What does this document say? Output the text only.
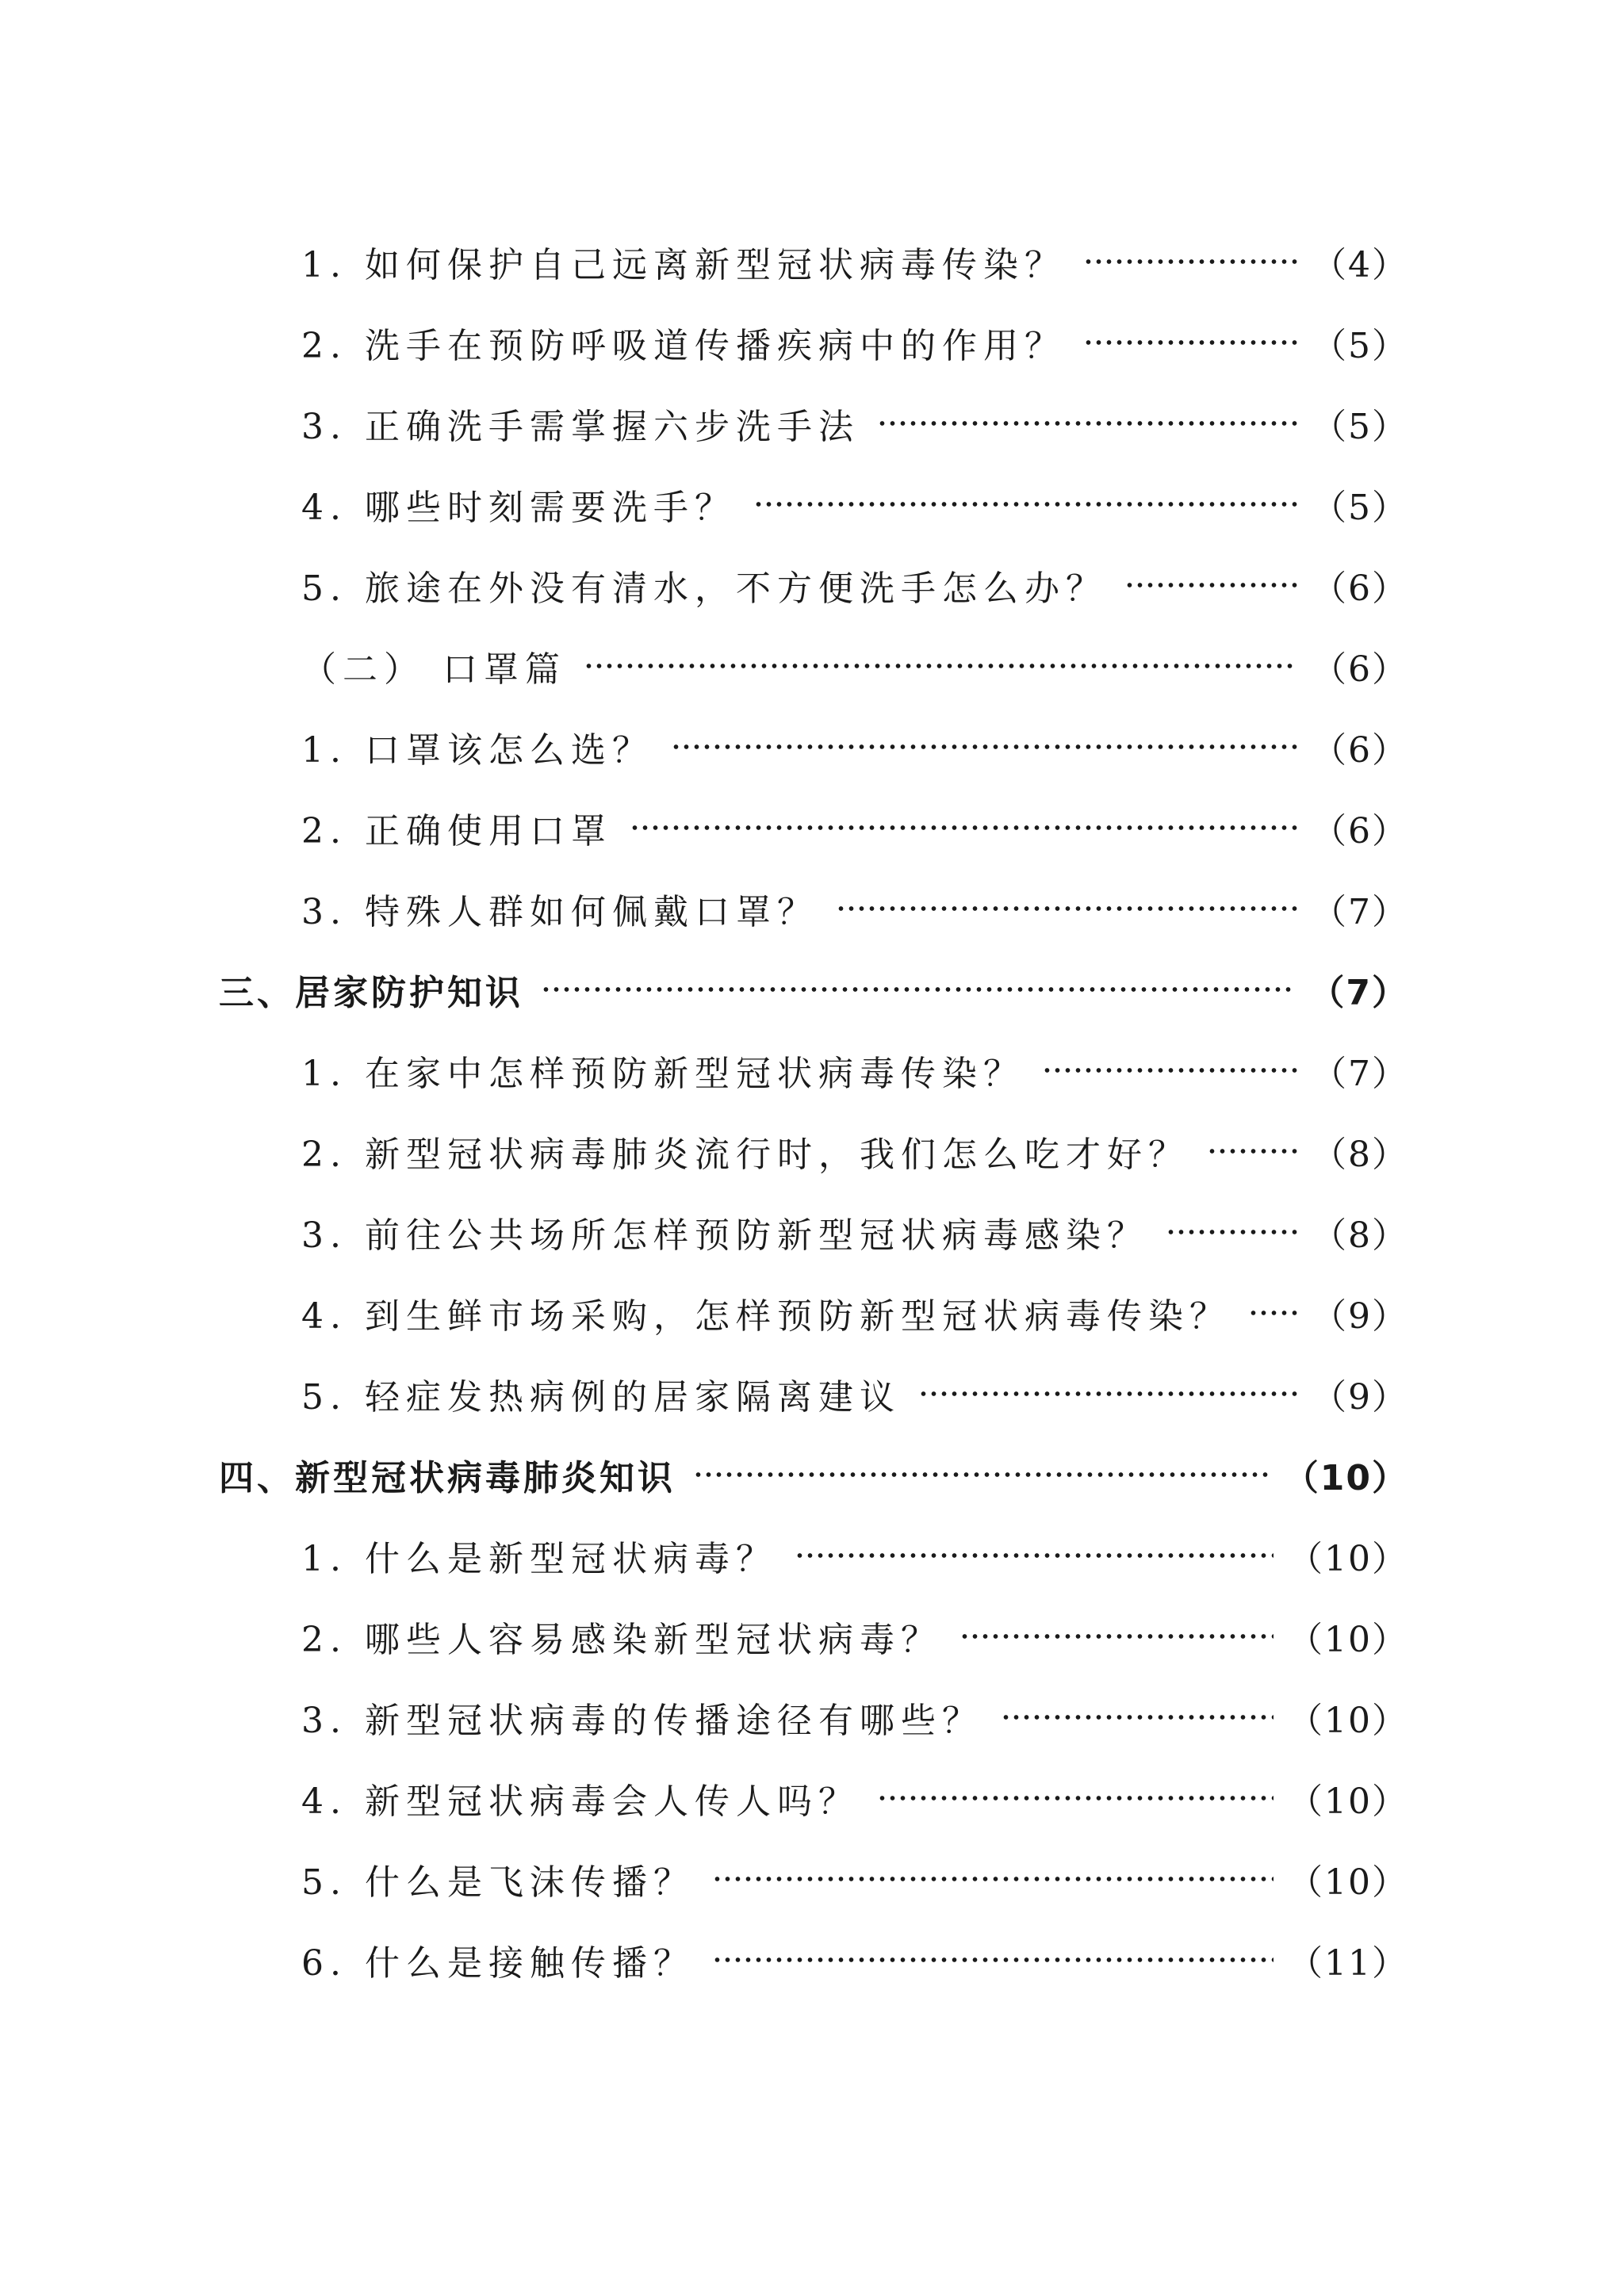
1. 如何保护自己远离新型冠状病毒传染？	（4）
2. 洗手在预防呼吸道传播疾病中的作用？	（5）
3. 正确洗手需掌握六步洗手法	（5）
4. 哪些时刻需要洗手？	（5）
5. 旅途在外没有清水，不方便洗手怎么办？	（6）
（二） 口罩篇	（6）
1. 口罩该怎么选？	（6）
2. 正确使用口罩	（6）
3. 特殊人群如何佩戴口罩？	（7）
三、居家防护知识	（7）
1. 在家中怎样预防新型冠状病毒传染？	（7）
2. 新型冠状病毒肺炎流行时，我们怎么吃才好？	（8）
3. 前往公共场所怎样预防新型冠状病毒感染？	（8）
4. 到生鲜市场采购，怎样预防新型冠状病毒传染？ （9）
5. 轻症发热病例的居家隔离建议	（9）
四、新型冠状病毒肺炎知识	（10）
1. 什么是新型冠状病毒？	（10）
2. 哪些人容易感染新型冠状病毒？	（10）
3. 新型冠状病毒的传播途径有哪些？	（10）
4. 新型冠状病毒会人传人吗？	（10）
5. 什么是飞沫传播？	（10）
6. 什么是接触传播？	（11）
